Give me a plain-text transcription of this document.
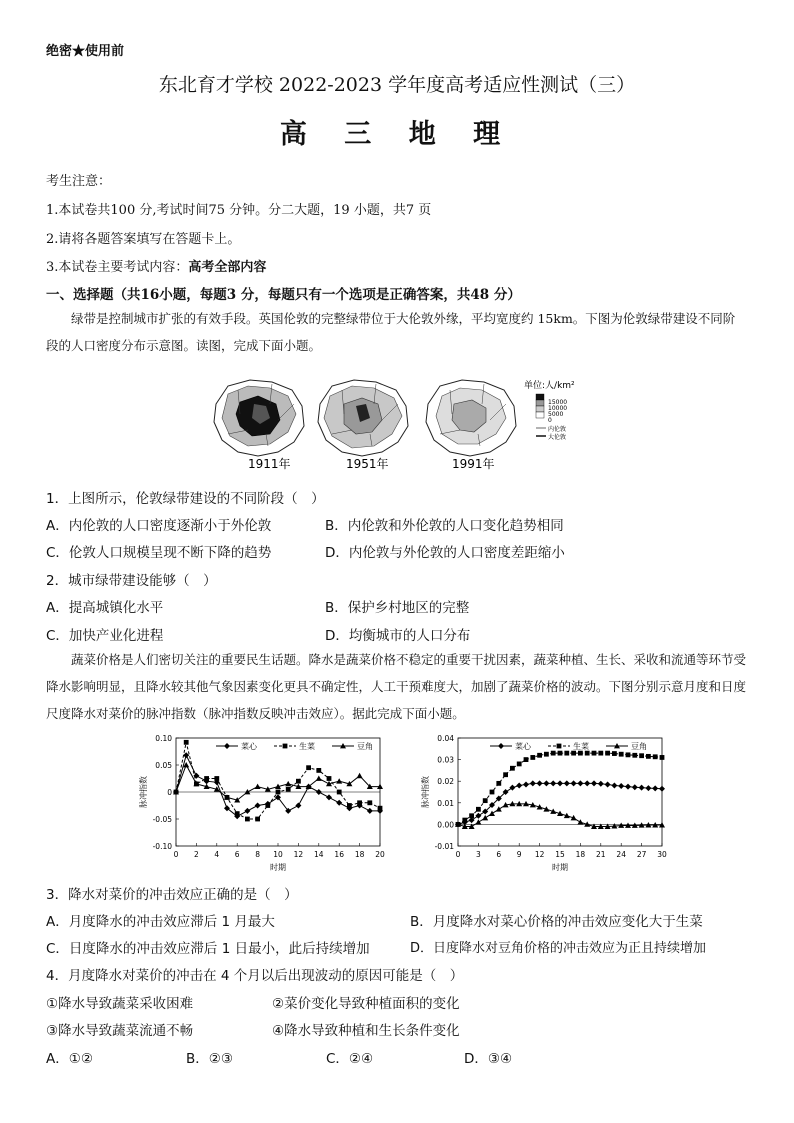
绝密★使用前
东北育才学校 2022-2023 学年度高考适应性测试（三）
高 三 地 理
考生注意：
1.本试卷共100 分,考试时间75 分钟。分二大题，19 小题，共7 页
2.请将各题答案填写在答题卡上。
3.本试卷主要考试内容：高考全部内容
一、选择题（共16小题，每题3 分，每题只有一个选项是正确答案，共48 分）
绿带是控制城市扩张的有效手段。英国伦敦的完整绿带位于大伦敦外缘，平均宽度约 15km。下图为伦敦绿带建设不同阶段的人口密度分布示意图。读图，完成下面小题。
1911年	1951年	1991年
单位:人/km²
15000
10000
5000
0
内伦敦
大伦敦
1．上图所示，伦敦绿带建设的不同阶段（　）
A．内伦敦的人口密度逐渐小于外伦敦	B．内伦敦和外伦敦的人口变化趋势相同
C．伦敦人口规模呈现不断下降的趋势	D．内伦敦与外伦敦的人口密度差距缩小
2．城市绿带建设能够（　）
A．提高城镇化水平	B．保护乡村地区的完整
C．加快产业化进程	D．均衡城市的人口分布
蔬菜价格是人们密切关注的重要民生话题。降水是蔬菜价格不稳定的重要干扰因素，蔬菜种植、生长、采收和流通等环节受降水影响明显，且降水较其他气象因素变化更具不确定性，人工干预难度大，加剧了蔬菜价格的波动。下图分别示意月度和日度尺度降水对菜价的脉冲指数（脉冲指数反映冲击效应）。据此完成下面小题。
0.10
0.05
0
-0.05
-0.10
0 2 4 6 8 10 12 14 16 18 20
时期
脉冲指数
菜心	生菜	豆角
0.04
0.03
0.02
0.01
0.00
-0.01
0 3 6 9 12 15 18 21 24 27 30
时期
脉冲指数
菜心	生菜	豆角
3．降水对菜价的冲击效应正确的是（　）
A．月度降水的冲击效应滞后 1 月最大	B．月度降水对菜心价格的冲击效应变化大于生菜
C．日度降水的冲击效应滞后 1 日最小，此后持续增加	D．日度降水对豆角价格的冲击效应为正且持续增加
4．月度降水对菜价的冲击在 4 个月以后出现波动的原因可能是（　）
①降水导致蔬菜采收困难	②菜价变化导致种植面积的变化
③降水导致蔬菜流通不畅	④降水导致种植和生长条件变化
A．①②	B．②③	C．②④	D．③④
